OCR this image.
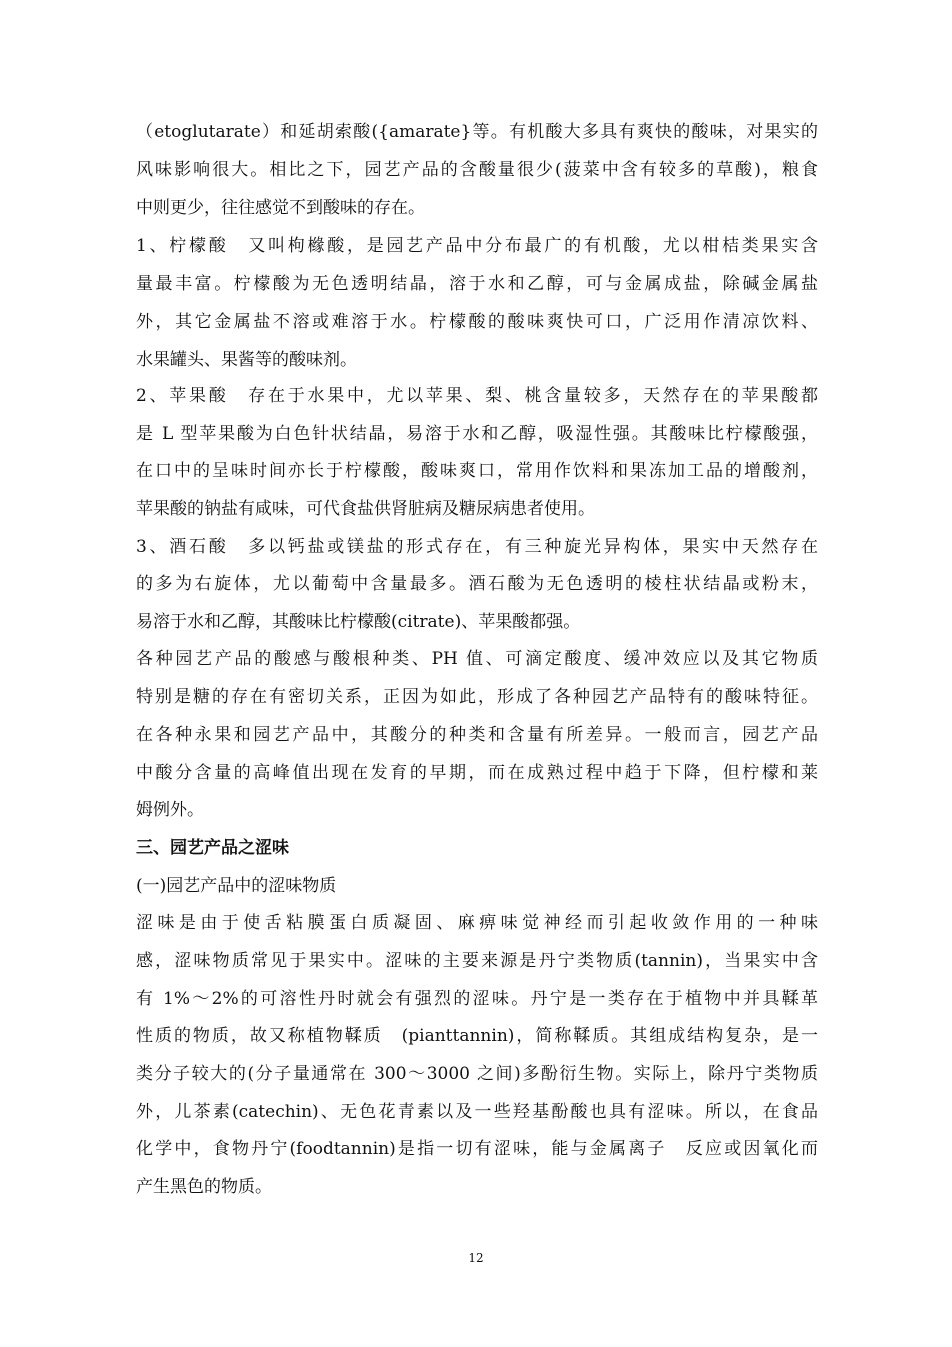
（etoglutarate）和延胡索酸({amarate}等。有机酸大多具有爽快的酸味，对果实的
风味影响很大。相比之下，园艺产品的含酸量很少(菠菜中含有较多的草酸)，粮食
中则更少，往往感觉不到酸味的存在。
1、柠檬酸　又叫枸橼酸，是园艺产品中分布最广的有机酸，尤以柑桔类果实含
量最丰富。柠檬酸为无色透明结晶，溶于水和乙醇，可与金属成盐，除碱金属盐
外，其它金属盐不溶或难溶于水。柠檬酸的酸味爽快可口，广泛用作清凉饮料、
水果罐头、果酱等的酸味剂。
2、苹果酸　存在于水果中，尤以苹果、梨、桃含量较多，天然存在的苹果酸都
是 L 型苹果酸为白色针状结晶，易溶于水和乙醇，吸湿性强。其酸味比柠檬酸强，
在口中的呈味时间亦长于柠檬酸，酸味爽口，常用作饮料和果冻加工品的增酸剂，
苹果酸的钠盐有咸味，可代食盐供肾脏病及糖尿病患者使用。
3、酒石酸　多以钙盐或镁盐的形式存在，有三种旋光异构体，果实中天然存在
的多为右旋体，尤以葡萄中含量最多。酒石酸为无色透明的棱柱状结晶或粉末，
易溶于水和乙醇，其酸味比柠檬酸(citrate)、苹果酸都强。
各种园艺产品的酸感与酸根种类、PH 值、可滴定酸度、缓冲效应以及其它物质
特别是糖的存在有密切关系，正因为如此，形成了各种园艺产品特有的酸味特征。
在各种永果和园艺产品中，其酸分的种类和含量有所差异。一般而言，园艺产品
中酸分含量的高峰值出现在发育的早期，而在成熟过程中趋于下降，但柠檬和莱
姆例外。
三、园艺产品之涩味
(一)园艺产品中的涩味物质
涩味是由于使舌粘膜蛋白质凝固、麻痹味觉神经而引起收敛作用的一种味
感，涩味物质常见于果实中。涩味的主要来源是丹宁类物质(tannin)，当果实中含
有 1%～2%的可溶性丹时就会有强烈的涩味。丹宁是一类存在于植物中并具鞣革
性质的物质，故又称植物鞣质　(pianttannin)，简称鞣质。其组成结构复杂，是一
类分子较大的(分子量通常在 300～3000 之间)多酚衍生物。实际上，除丹宁类物质
外，儿茶素(catechin)、无色花青素以及一些羟基酚酸也具有涩味。所以，在食品
化学中，食物丹宁(foodtannin)是指一切有涩味，能与金属离子　反应或因氧化而
产生黑色的物质。
12
